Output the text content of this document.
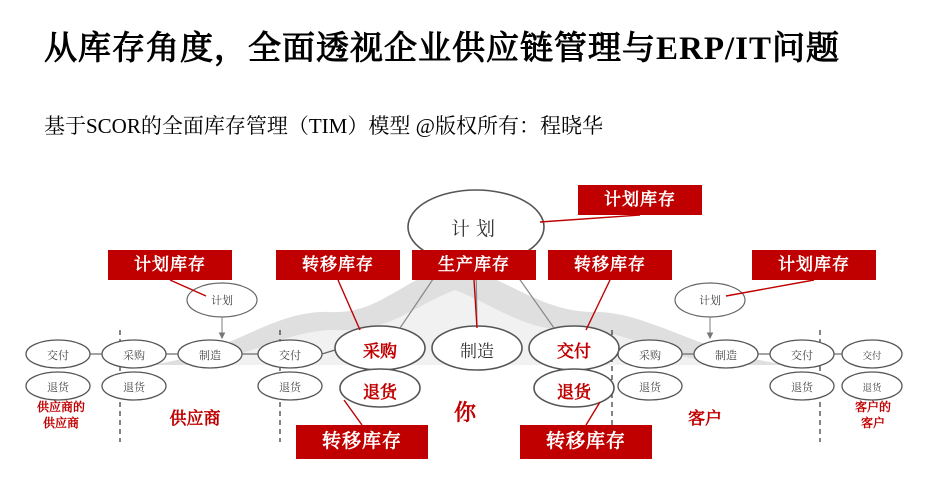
从库存角度，全面透视企业供应链管理与ERP/IT问题
基于SCOR的全面库存管理（TIM）模型 @版权所有：程晓华
计划库存
计划库存	转移库存	生产库存	转移库存	计划库存
转移库存	转移库存
计划
计划	计划
采购	制造	交付
退货	退货
交付	采购	制造	交付
退货	退货	退货
采购	制造	交付	交付
退货	退货	退货
供应商的
供应商	供应商	你	客户
客户的
客户
